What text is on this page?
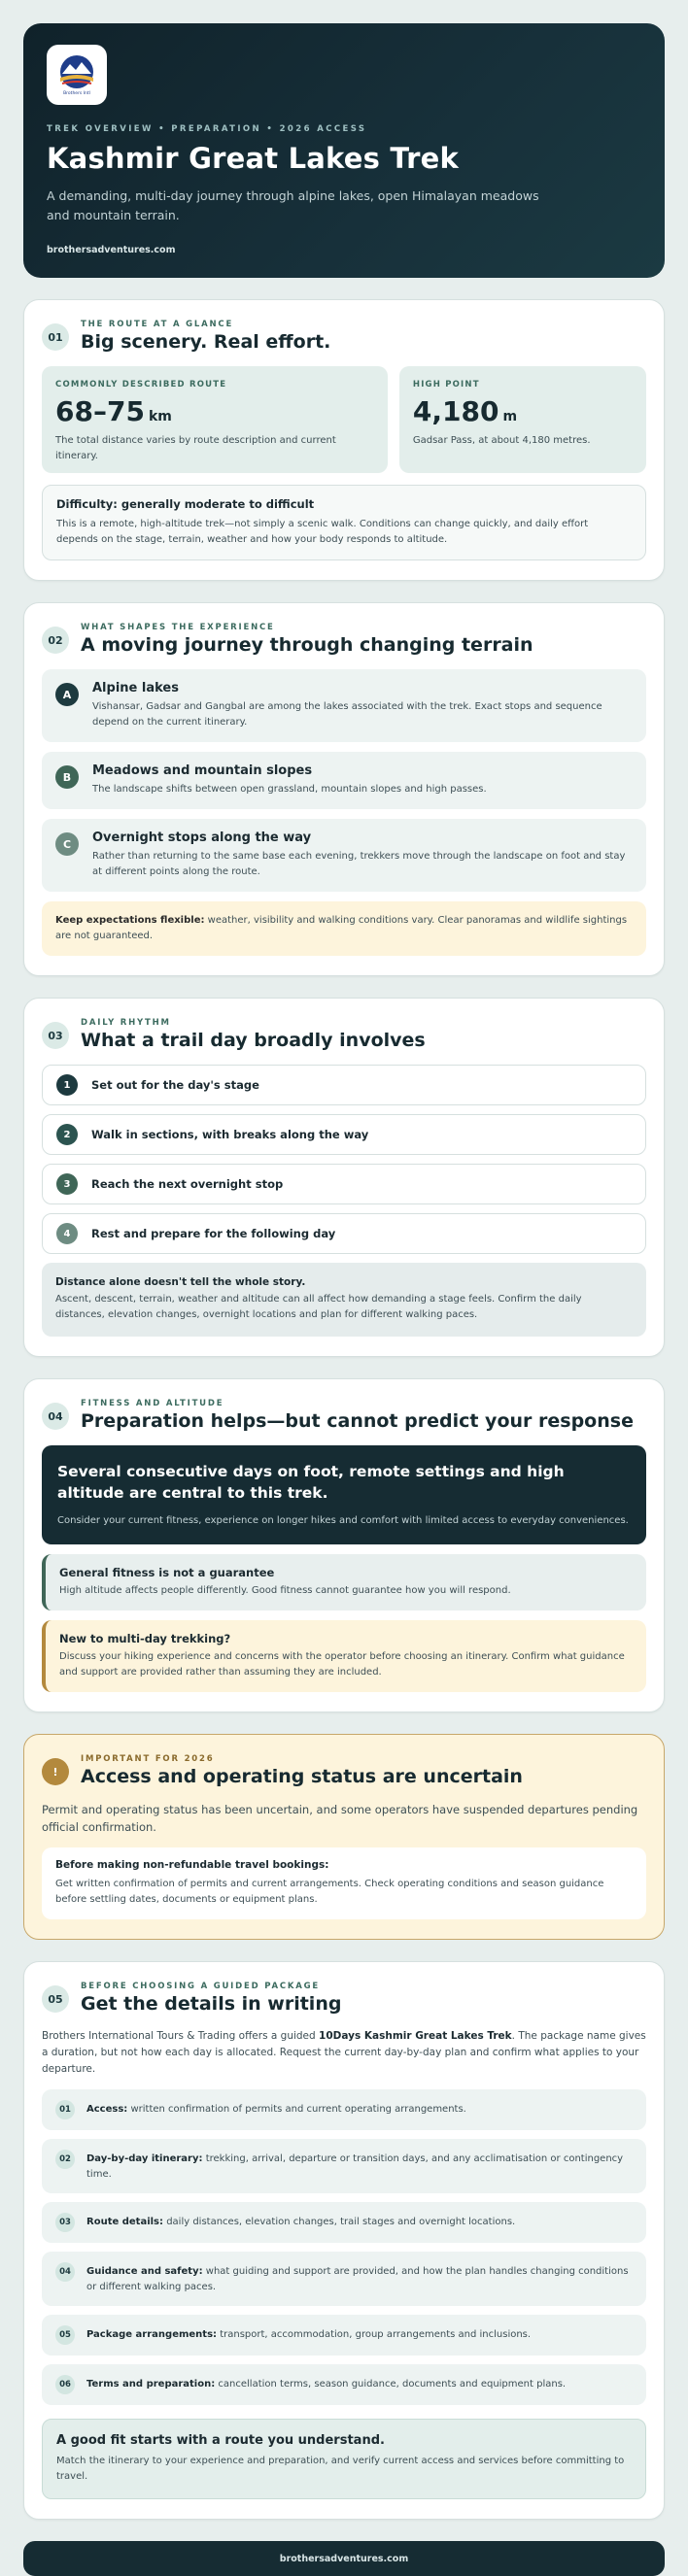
Brothers Intl
TREK OVERVIEW • PREPARATION • 2026 ACCESS
Kashmir Great Lakes Trek
A demanding, multi-day journey through alpine lakes, open Himalayan meadows and mountain terrain.
brothersadventures.com
01
THE ROUTE AT A GLANCE
Big scenery. Real effort.
COMMONLY DESCRIBED ROUTE
68–75 km
The total distance varies by route description and current itinerary.
HIGH POINT
4,180 m
Gadsar Pass, at about 4,180 metres.
Difficulty: generally moderate to difficult
This is a remote, high-altitude trek—not simply a scenic walk. Conditions can change quickly, and daily effort depends on the stage, terrain, weather and how your body responds to altitude.
02
WHAT SHAPES THE EXPERIENCE
A moving journey through changing terrain
A	Alpine lakes
Vishansar, Gadsar and Gangbal are among the lakes associated with the trek. Exact stops and sequence depend on the current itinerary.
B	Meadows and mountain slopes
The landscape shifts between open grassland, mountain slopes and high passes.
C	Overnight stops along the way
Rather than returning to the same base each evening, trekkers move through the landscape on foot and stay at different points along the route.
Keep expectations flexible: weather, visibility and walking conditions vary. Clear panoramas and wildlife sightings are not guaranteed.
03
DAILY RHYTHM
What a trail day broadly involves
1	Set out for the day's stage
2	Walk in sections, with breaks along the way
3	Reach the next overnight stop
4	Rest and prepare for the following day
Distance alone doesn't tell the whole story.
Ascent, descent, terrain, weather and altitude can all affect how demanding a stage feels. Confirm the daily distances, elevation changes, overnight locations and plan for different walking paces.
04
FITNESS AND ALTITUDE
Preparation helps—but cannot predict your response
Several consecutive days on foot, remote settings and high altitude are central to this trek.
Consider your current fitness, experience on longer hikes and comfort with limited access to everyday conveniences.
General fitness is not a guarantee
High altitude affects people differently. Good fitness cannot guarantee how you will respond.
New to multi-day trekking?
Discuss your hiking experience and concerns with the operator before choosing an itinerary. Confirm what guidance and support are provided rather than assuming they are included.
!
IMPORTANT FOR 2026
Access and operating status are uncertain
Permit and operating status has been uncertain, and some operators have suspended departures pending official confirmation.
Before making non-refundable travel bookings:
Get written confirmation of permits and current arrangements. Check operating conditions and season guidance before settling dates, documents or equipment plans.
05
BEFORE CHOOSING A GUIDED PACKAGE
Get the details in writing
Brothers International Tours & Trading offers a guided 10Days Kashmir Great Lakes Trek. The package name gives a duration, but not how each day is allocated. Request the current day-by-day plan and confirm what applies to your departure.
01	Access: written confirmation of permits and current operating arrangements.
02	Day-by-day itinerary: trekking, arrival, departure or transition days, and any acclimatisation or contingency time.
03	Route details: daily distances, elevation changes, trail stages and overnight locations.
04	Guidance and safety: what guiding and support are provided, and how the plan handles changing conditions or different walking paces.
05	Package arrangements: transport, accommodation, group arrangements and inclusions.
06	Terms and preparation: cancellation terms, season guidance, documents and equipment plans.
A good fit starts with a route you understand.
Match the itinerary to your experience and preparation, and verify current access and services before committing to travel.
brothersadventures.com
